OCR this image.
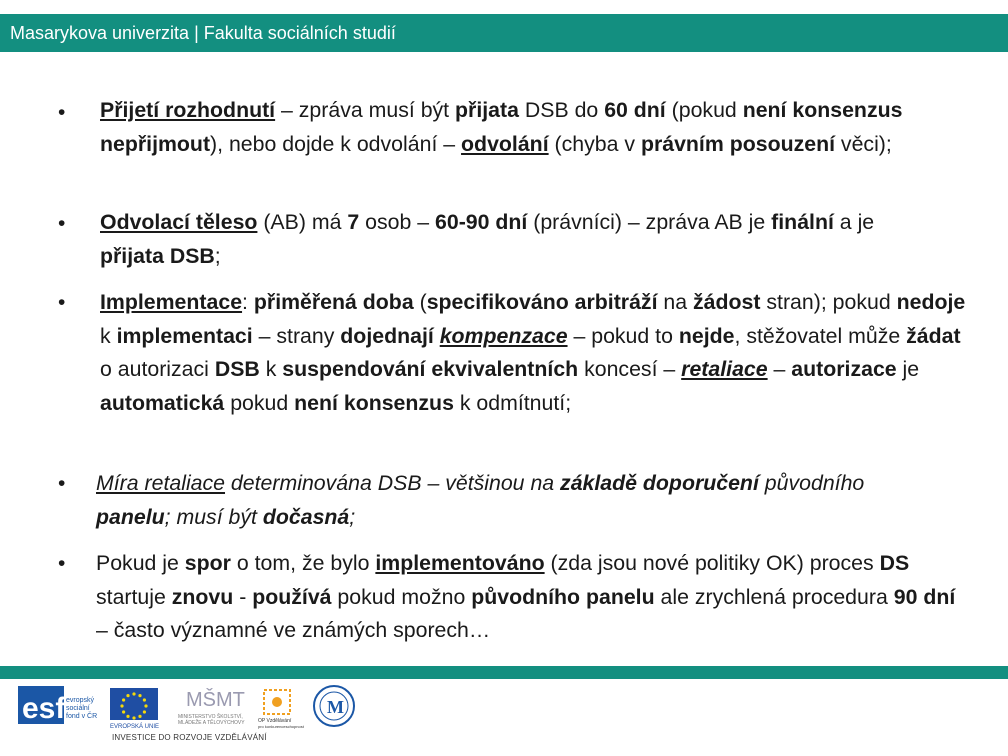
Masarykova univerzita | Fakulta sociálních studií
• Přijetí rozhodnutí – zpráva musí být přijata DSB do 60 dní (pokud není konsenzus nepřijmout), nebo dojde k odvolání – odvolání (chyba v právním posouzení věci);
• Odvolací těleso (AB) má 7 osob – 60-90 dní (právníci) – zpráva AB je finální a je přijata DSB;
• Implementace: přiměřená doba (specifikováno arbitráží na žádost stran); pokud nedoje k implementaci – strany dojednají kompenzace – pokud to nejde, stěžovatel může žádat o autorizaci DSB k suspendování ekvivalentních koncesí – retaliace – autorizace je automatická pokud není konsenzus k odmítnutí;
• Míra retaliace determinována DSB – většinou na základě doporučení původního panelu; musí být dočasná;
• Pokud je spor o tom, že bylo implementováno (zda jsou nové politiky OK) proces DS startuje znovu - používá pokud možno původního panelu ale zrychlená procedura 90 dní – často významné ve známých sporech…
esf evropský
sociální
fond v ČR
EVROPSKÁ UNIE
MŠMT
MINISTERSTVO ŠKOLSTVÍ,
MLÁDEŽE A TĚLOVÝCHOVY	OP Vzdělávání
pro konkurenceschopnost
M
INVESTICE DO ROZVOJE VZDĚLÁVÁNÍ
